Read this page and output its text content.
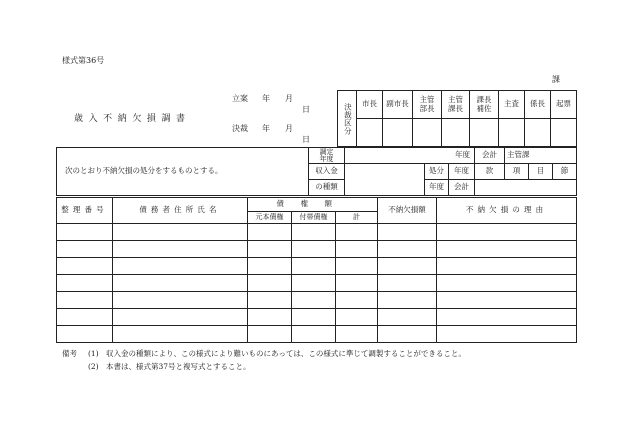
様式第36号
課
歳入不納欠損調書
立案 年 月
日
決裁 年 月
日
決裁区分	市長	副市長	主管部長	主管課長	課長補佐	主査	係長	起票

次のとおり不納欠損の処分をするものとする。	調定年度	年度			会計	主管課		
	収入金		処分	年度	款	項	目	節
	の種類		年度	会計				
整理番号	債務者住所氏名	債権額			不納欠損額	不納欠損の理由
		元本債権	付帯債権	計		

備考 (1) 収入金の種類により、この様式により難いものにあっては、この様式に準じて調製することができること。
(2) 本書は、様式第37号と複写式とすること。
